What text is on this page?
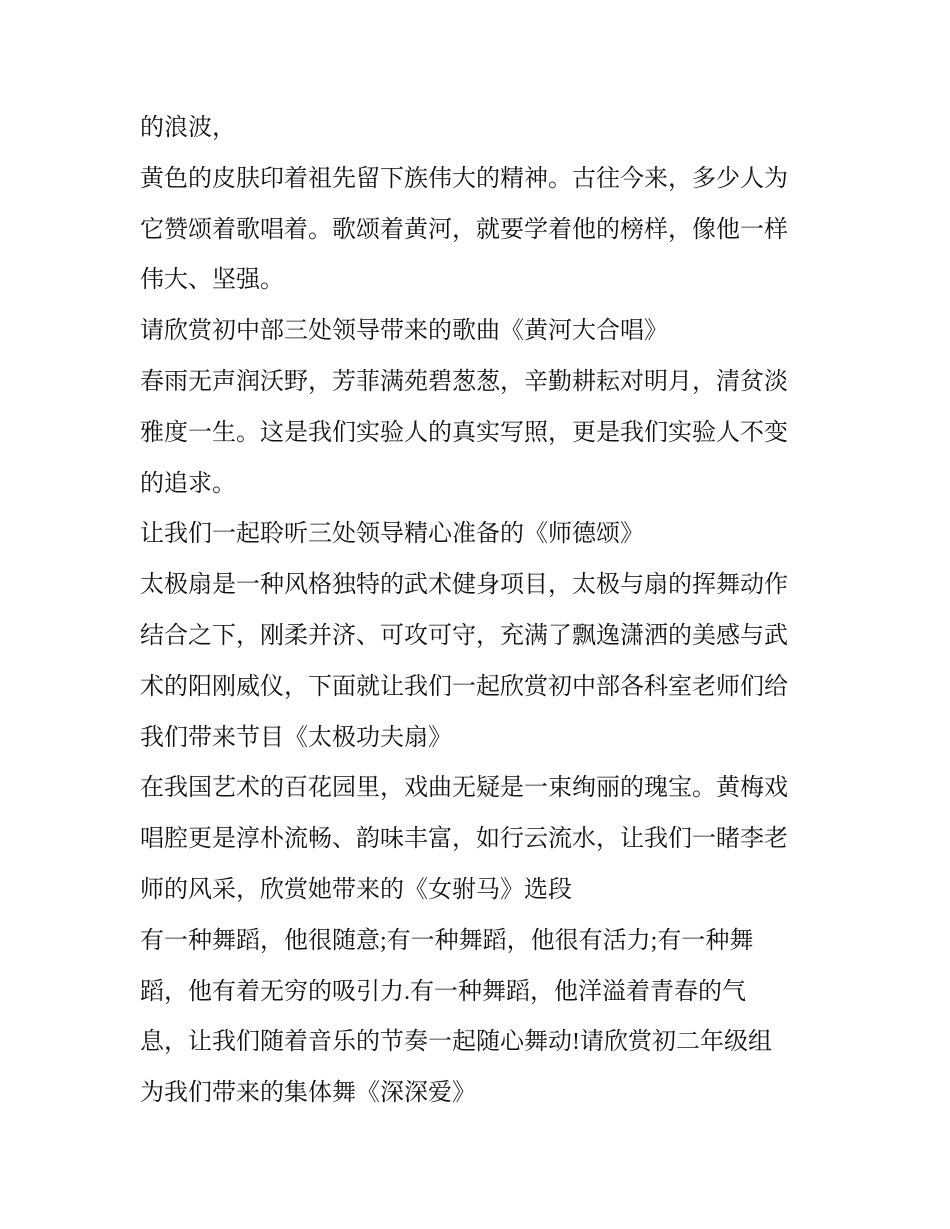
的浪波，
黄色的皮肤印着祖先留下族伟大的精神。古往今来，多少人为
它赞颂着歌唱着。歌颂着黄河，就要学着他的榜样，像他一样
伟大、坚强。
请欣赏初中部三处领导带来的歌曲《黄河大合唱》
春雨无声润沃野，芳菲满苑碧葱葱，辛勤耕耘对明月，清贫淡
雅度一生。这是我们实验人的真实写照，更是我们实验人不变
的追求。
让我们一起聆听三处领导精心准备的《师德颂》
太极扇是一种风格独特的武术健身项目，太极与扇的挥舞动作
结合之下，刚柔并济、可攻可守，充满了飘逸潇洒的美感与武
术的阳刚威仪，下面就让我们一起欣赏初中部各科室老师们给
我们带来节目《太极功夫扇》
在我国艺术的百花园里，戏曲无疑是一束绚丽的瑰宝。黄梅戏
唱腔更是淳朴流畅、韵味丰富，如行云流水，让我们一睹李老
师的风采，欣赏她带来的《女驸马》选段
有一种舞蹈，他很随意;有一种舞蹈，他很有活力;有一种舞
蹈，他有着无穷的吸引力.有一种舞蹈，他洋溢着青春的气
息，让我们随着音乐的节奏一起随心舞动!请欣赏初二年级组
为我们带来的集体舞《深深爱》
